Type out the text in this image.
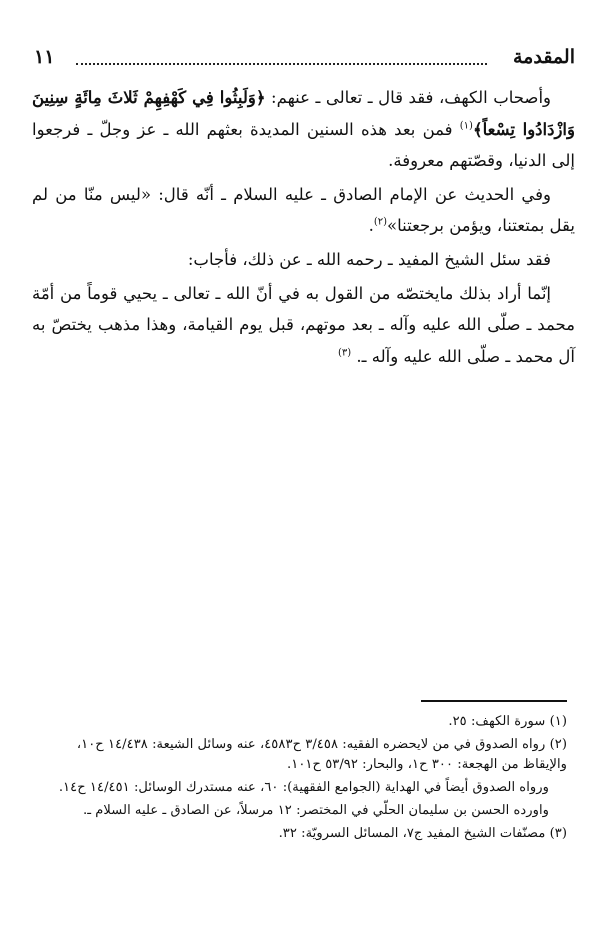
المقدمة
١١

وأصحاب الكهف، فقد قال ـ تعالى ـ عنهم: ﴿وَلَبِثُوا فِي كَهْفِهِمْ ثَلاثَ مِائَةٍ سِنِينَ وَازْدَادُوا تِسْعاً﴾$^{(١)}$ فمن بعد هذه السنين المديدة بعثهم الله ـ عز وجلّ ـ فرجعوا إلى الدنيا، وقصّتهم معروفة.

وفي الحديث عن الإمام الصادق ـ عليه السلام ـ أنّه قال: «ليس منّا من لم يقل بمتعتنا، ويؤمن برجعتنا»$^{(٢)}$.

فقد سئل الشيخ المفيد ـ رحمه الله ـ عن ذلك، فأجاب:

إنّما أراد بذلك مايختصّه من القول به في أنّ الله ـ تعالى ـ يحيي قوماً من أمّة محمد ـ صلّى الله عليه وآله ـ بعد موتهم، قبل يوم القيامة، وهذا مذهب يختصّ به آل محمد ـ صلّى الله عليه وآله ـ. $^{(٣)}$

(١) سورة الكهف: ٢٥.

(٢) رواه الصدوق في من لايحضره الفقيه: ٣/٤٥٨ ح٤٥٨٣، عنه وسائل الشيعة: ١٤/٤٣٨ ح١٠، والإيقاظ من الهجعة: ٣٠٠ ح١، والبحار: ٥٣/٩٢ ح١٠١.

ورواه الصدوق أيضاً في الهداية (الجوامع الفقهية): ٦٠، عنه مستدرك الوسائل: ١٤/٤٥١ ح١٤.

واورده الحسن بن سليمان الحلّي في المختصر: ١٢ مرسلاً، عن الصادق ـ عليه السلام ـ.

(٣) مصنّفات الشيخ المفيد ج٧، المسائل السرويّة: ٣٢.
